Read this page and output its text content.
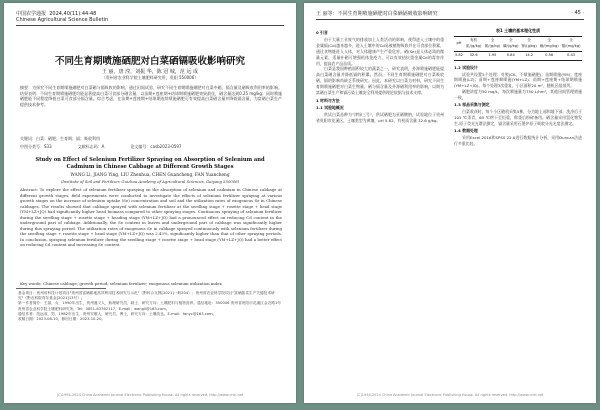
中国农学通报 2024,40(11):44-48
Chinese Agricultural Science Bulletin
不同生育期喷施硒肥对白菜硒镉吸收影响研究
王 丽，唐 滢，刘振 华，陈 冠 城，范 远 成
（贵州省农业科学院土壤肥料研究所，贵阳 550006）
摘要：为探究不同生育期喷施硒肥对白菜硒与镉吸收的影响，通过田间试验，研究不同生育期喷施硒肥对白菜中硒、镉含量及硒吸收利用率的影响。结果表明：不同生育期喷施硒肥均能显著提高白菜可食部分硒含量，以苗期+莲座期+结球期喷施硒肥效果最佳，硒含量达到0.25 mg/kg；同时喷施硒肥能不同程度降低白菜可食部分镉含量。综合考虑，在苗期+莲座期+结球期连续喷施硒肥可有效提高白菜硒含量并降低镉含量，为富硒白菜生产提供技术参考。
关键词：白菜；硒肥；生育期；镉；吸收利用
中图分类号：S33	文献标志码：A	论文编号：casb2023-0597
Study on Effect of Selenium Fertilizer Spraying on Absorption of Selenium and Cadmium in Chinese Cabbage at Different Growth Stages
WANG Li, JIANG Ying, LIU Zhenhua, CHEN Guancheng, FAN Yuancheng
(Institute of Soil and Fertilizer, Guizhou Academy of Agricultural Sciences, Guiyang 550006)
Abstract: To explore the effect of selenium fertilizer spraying on the absorption of selenium and cadmium in Chinese cabbage at different growth stages, field experiments were conducted to investigate the effects of selenium fertilizer spraying at various growth stages on the increase of selenium uptake (Se) concentration and soil and the utilization rates of exogenous Se in Chinese cabbages. The results showed that cabbage sprayed with selenium fertilizer at the seedling stage + rosette stage + head stage (YM+LZ+JQ) had significantly higher head biomass compared to other spraying stages. Continuous spraying of selenium fertilizer during the seedling stage + rosette stage + heading stage (YM+LZ+JQ) had a pronounced effect on reducing Cd content in the underground part of cabbage. Additionally, the Se content in leaves and underground part of cabbage was significantly higher during this spraying period. The utilization rates of exogenous Se in cabbage sprayed continuously with selenium fertilizer during the seedling stage + rosette stage + head stage (YM+LZ+JQ) was 2.43%, significantly higher than that of other spraying periods. In conclusion, spraying selenium fertilizer during the seedling stage + rosette stage + head stage (YM+LZ+JQ) had a better effect on reducing Cd content and increasing Se content.
Key words: Chinese cabbage; growth period; selenium fertilizer; exogenous selenium utilization index
基金项目：贵州省科技计划项目"贵州省富硒耕地高效利用技术研究与示范"（黔科合支撑[2021]一般204）；贵州省农业科学院项目"富硒蔬菜生产关键技术研究"（黔农科院青年基金[2021]13号）。
第一作者简介：王丽，女，1990年出生，贵州遵义人，助理研究员，硕士，研究方向：土壤肥料与植物营养。通信地址：550006 贵州省贵阳市花溪区金农路1号 贵州省农业科学院土壤肥料研究所，Tel：0851-83762117，E-mail：wangli@163.com。
通信作者：范远成，男，1982年出生，贵州安顺人，研究员，博士，研究方向：土壤改良。E-mail：fanyc@163.com。
收稿日期：2023-08-10，修回日期：2023-10-20。
(C)1994-2024 China Academic Journal Electronic Publishing House. All rights reserved. http://www.cnki.net
王 丽等：不同生育期喷施硒肥对白菜硒镉吸收影响研究	· 45 ·
0 引言

由于大量工业废气的排放加上人类活动的影响，使得进入土壤中的重金属镉(Cd)越来越多，进入土壤中的Cd易被植物吸收并在可食部位积累，通过食物链进入人体，对人体健康产生严重危害。硒(Se)是人体必需的微量元素，适量补硒可增强机体免疫力，可以有效拮抗重金属Cd的毒害作用，提高农产品品质。

白菜是我国种植面积较大的蔬菜之一，研究表明，外源喷施硒肥能提高白菜硒含量并降低镉的积累。然而，不同生育期喷施硒肥对白菜吸收硒、镉的影响尚缺乏系统研究。因此，本研究以白菜为材料，研究不同生育期喷施硒肥对白菜生物量、硒与镉含量及外源硒利用率的影响，以期为富硒白菜生产和镉污染土壤安全利用提供理论依据与技术支撑。

1 材料与方法
1.1 试验地概况

供试白菜品种为"津绿三号"，供试硒肥为亚硒酸钠，试验地位于贵州省贵阳市花溪区，土壤类型为黄壤，pH 5.82，有机质含量 32.6 g/kg。

表1 土壤的基本理化性质
pH	有机质/(g/kg)	全氮/(g/kg)	全磷/(g/kg)	全钾/(g/kg)	全硒/(mg/kg)	全镉/(mg/kg)
5.82	32.6	1.95	0.84	14.2	0.56	0.43
1.2 试验设计

试验共设置5个处理：对照(CK，不喷施硒肥)；苗期喷施(YM)；莲座期喷施(LZ)；苗期+莲座期喷施(YM+LZ)；苗期+莲座期+结球期喷施(YM+LZ+JQ)。每个处理3次重复，小区面积20 m²，随机区组排列。

硒肥浓度为50 mg/L，每次喷施量为750 L/hm²，其他田间管理措施一致。

1.3 样品采集与测定

白菜收获时，每个小区随机采集5株，分为地上部和地下部，洗净后于105 ℃杀青，65 ℃烘干至恒重，称重后粉碎备用。硒含量采用氢化物发生-原子荧光光谱法测定，镉含量采用石墨炉原子吸收分光光度法测定。

1.4 数据处理

采用Excel 2016和SPSS 22.0进行数据统计分析，采用Duncan法进行多重比较。

(C)1994-2024 China Academic Journal Electronic Publishing House. All rights reserved. http://www.cnki.net
